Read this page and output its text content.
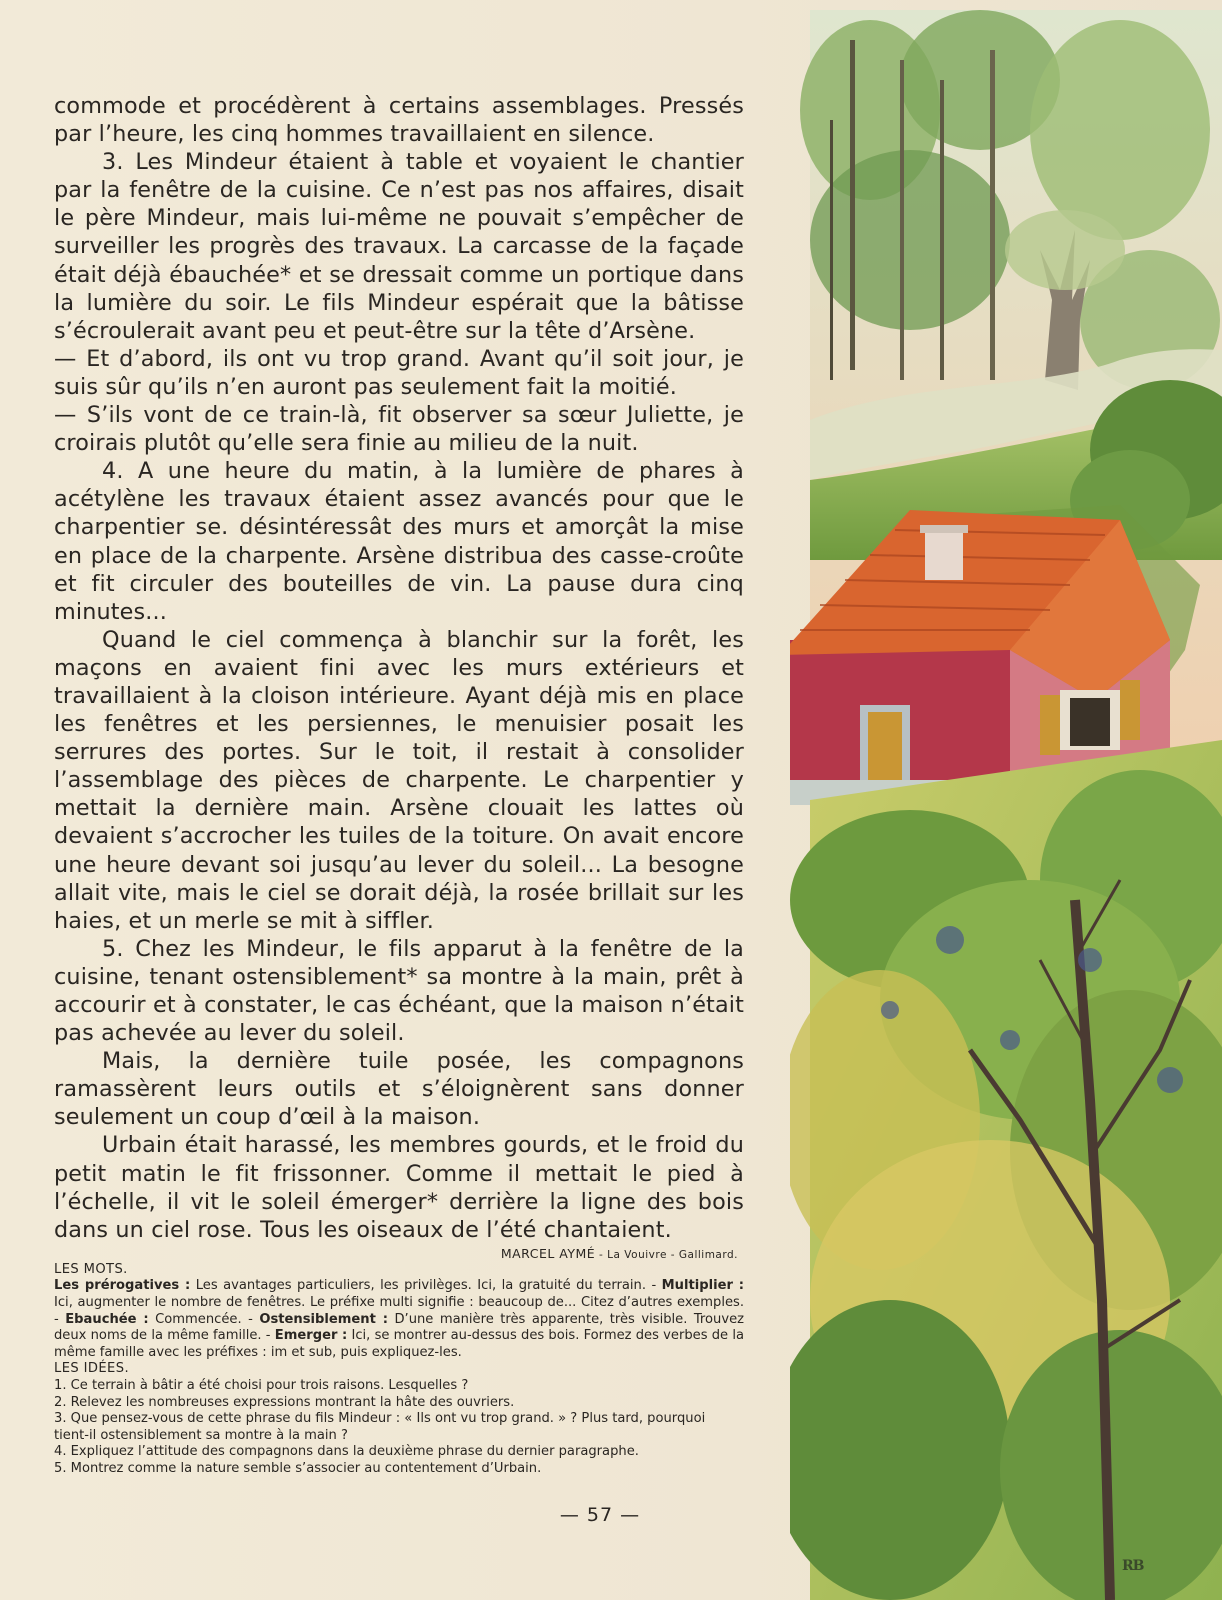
commode et procédèrent à certains assemblages. Pressés par l’heure, les cinq hommes travaillaient en silence.

3. Les Mindeur étaient à table et voyaient le chantier par la fenêtre de la cuisine. Ce n’est pas nos affaires, disait le père Mindeur, mais lui-même ne pouvait s’empêcher de surveiller les progrès des travaux. La carcasse de la façade était déjà ébauchée* et se dressait comme un portique dans la lumière du soir. Le fils Mindeur espérait que la bâtisse s’écroulerait avant peu et peut-être sur la tête d’Arsène.

— Et d’abord, ils ont vu trop grand. Avant qu’il soit jour, je suis sûr qu’ils n’en auront pas seulement fait la moitié.

— S’ils vont de ce train-là, fit observer sa sœur Juliette, je croirais plutôt qu’elle sera finie au milieu de la nuit.

4. A une heure du matin, à la lumière de phares à acétylène les travaux étaient assez avancés pour que le charpentier se. désintéressât des murs et amorçât la mise en place de la charpente. Arsène distribua des casse-croûte et fit circuler des bouteilles de vin. La pause dura cinq minutes...

Quand le ciel commença à blanchir sur la forêt, les maçons en avaient fini avec les murs extérieurs et travaillaient à la cloison intérieure. Ayant déjà mis en place les fenêtres et les persiennes, le menuisier posait les serrures des portes. Sur le toit, il restait à consolider l’assemblage des pièces de charpente. Le charpentier y mettait la dernière main. Arsène clouait les lattes où devaient s’accrocher les tuiles de la toiture. On avait encore une heure devant soi jusqu’au lever du soleil... La besogne allait vite, mais le ciel se dorait déjà, la rosée brillait sur les haies, et un merle se mit à siffler.

5. Chez les Mindeur, le fils apparut à la fenêtre de la cuisine, tenant ostensiblement* sa montre à la main, prêt à accourir et à constater, le cas échéant, que la maison n’était pas achevée au lever du soleil.

Mais, la dernière tuile posée, les compagnons ramassèrent leurs outils et s’éloignèrent sans donner seulement un coup d’œil à la maison.

Urbain était harassé, les membres gourds, et le froid du petit matin le fit frissonner. Comme il mettait le pied à l’échelle, il vit le soleil émerger* derrière la ligne des bois dans un ciel rose. Tous les oiseaux de l’été chantaient.

MARCEL AYMÉ - La Vouivre - Gallimard.
LES MOTS.
Les prérogatives : Les avantages particuliers, les privilèges. Ici, la gratuité du terrain. - Multiplier : Ici, augmenter le nombre de fenêtres. Le préfixe multi signifie : beaucoup de... Citez d’autres exemples. - Ebauchée : Commencée. - Ostensiblement : D’une manière très apparente, très visible. Trouvez deux noms de la même famille. - Emerger : Ici, se montrer au-dessus des bois. Formez des verbes de la même famille avec les préfixes : im et sub, puis expliquez-les.
LES IDÉES.

1. Ce terrain à bâtir a été choisi pour trois raisons. Lesquelles ?

2. Relevez les nombreuses expressions montrant la hâte des ouvriers.

3. Que pensez-vous de cette phrase du fils Mindeur : « Ils ont vu trop grand. » ? Plus tard, pourquoi tient-il ostensiblement sa montre à la main ?

4. Expliquez l’attitude des compagnons dans la deuxième phrase du dernier paragraphe.

5. Montrez comme la nature semble s’associer au contentement d’Urbain.

— 57 —
RB
